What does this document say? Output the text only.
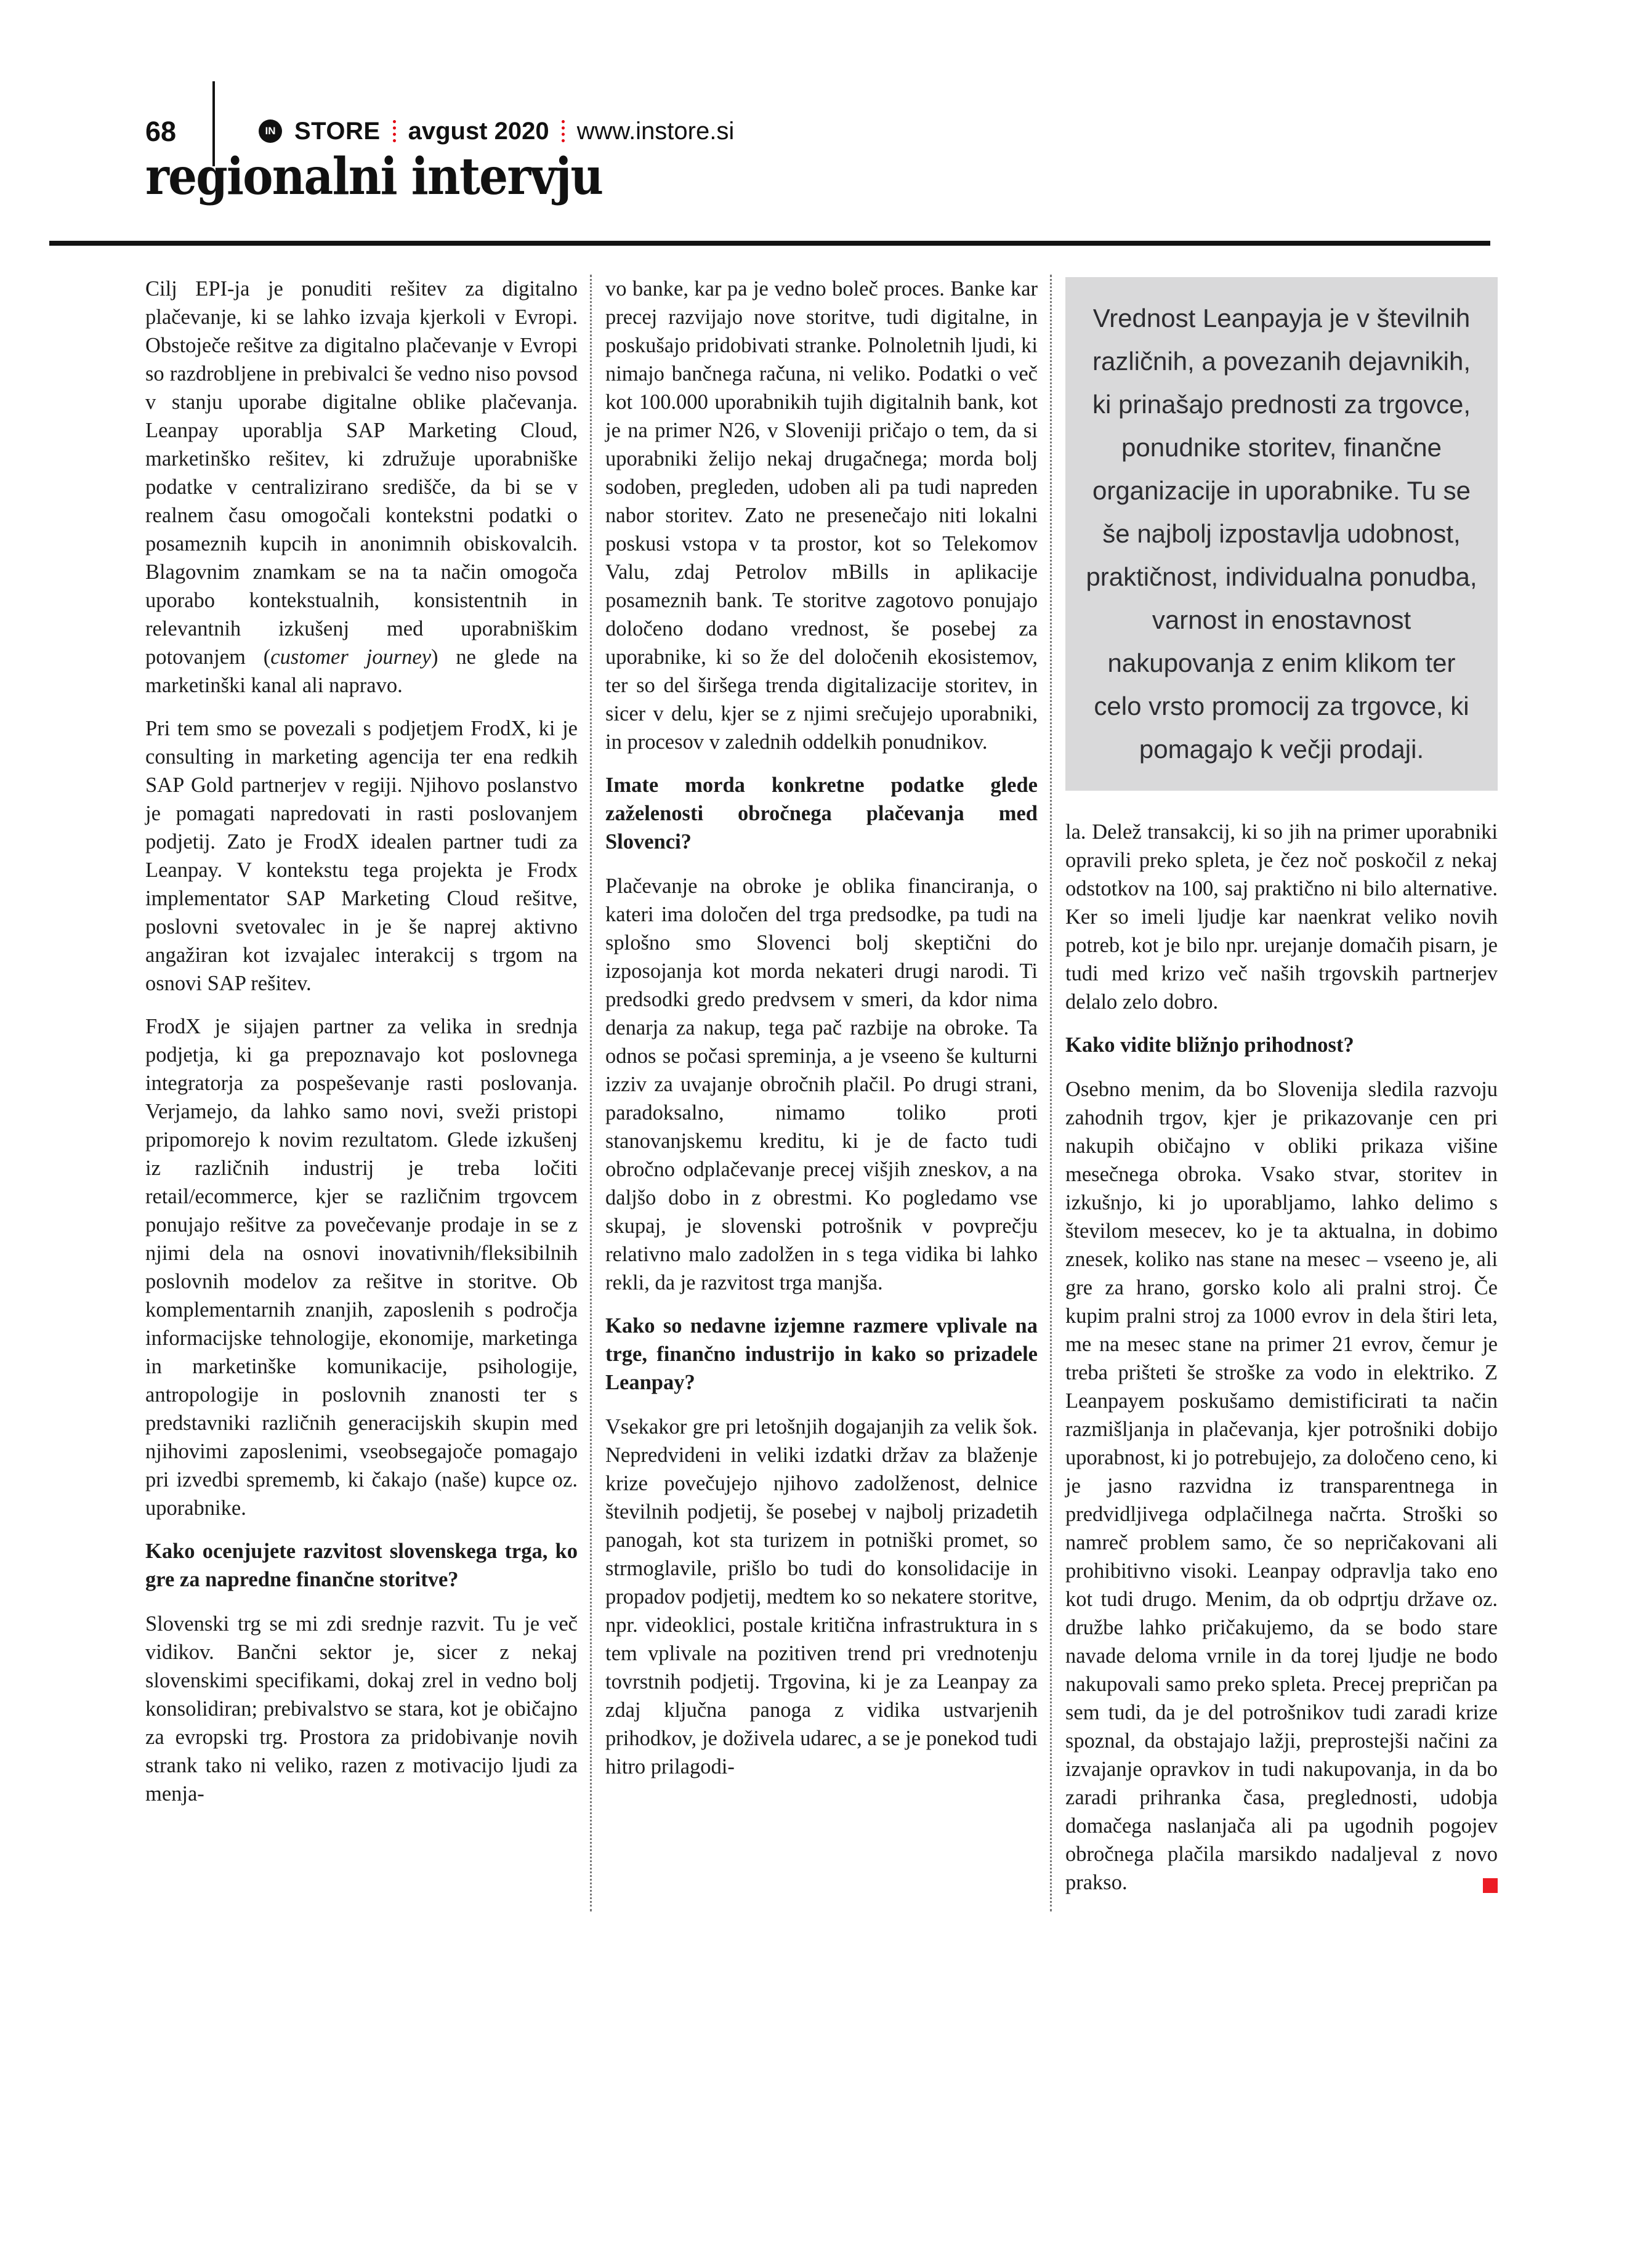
68	IN STORE avgust 2020 www.instore.si
regionalni intervju

Cilj EPI-ja je ponuditi rešitev za digitalno plačevanje, ki se lahko izvaja kjerkoli v Evropi. Obstoječe rešitve za digitalno plačevanje v Evropi so razdrobljene in prebivalci še vedno niso povsod v stanju uporabe digitalne oblike plačevanja. Leanpay uporablja SAP Marketing Cloud, marketinško rešitev, ki združuje uporabniške podatke v centralizirano središče, da bi se v realnem času omogočali kontekstni podatki o posameznih kupcih in anonimnih obiskovalcih. Blagovnim znamkam se na ta način omogoča uporabo kontekstualnih, konsistentnih in relevantnih izkušenj med uporabniškim potovanjem (customer journey) ne glede na marketinški kanal ali napravo.

Pri tem smo se povezali s podjetjem FrodX, ki je consulting in marketing agencija ter ena redkih SAP Gold partnerjev v regiji. Njihovo poslanstvo je pomagati napredovati in rasti poslovanjem podjetij. Zato je FrodX idealen partner tudi za Leanpay. V kontekstu tega projekta je Frodx implementator SAP Marketing Cloud rešitve, poslovni svetovalec in je še naprej aktivno angažiran kot izvajalec interakcij s trgom na osnovi SAP rešitev.

FrodX je sijajen partner za velika in srednja podjetja, ki ga prepoznavajo kot poslovnega integratorja za pospeševanje rasti poslovanja. Verjamejo, da lahko samo novi, sveži pristopi pripomorejo k novim rezultatom. Glede izkušenj iz različnih industrij je treba ločiti retail/ecommerce, kjer se različnim trgovcem ponujajo rešitve za povečevanje prodaje in se z njimi dela na osnovi inovativnih/fleksibilnih poslovnih modelov za rešitve in storitve. Ob komplementarnih znanjih, zaposlenih s področja informacijske tehnologije, ekonomije, marketinga in marketinške komunikacije, psihologije, antropologije in poslovnih znanosti ter s predstavniki različnih generacijskih skupin med njihovimi zaposlenimi, vseobsegajoče pomagajo pri izvedbi sprememb, ki čakajo (naše) kupce oz. uporabnike.

Kako ocenjujete razvitost slovenskega trga, ko gre za napredne finančne storitve?

Slovenski trg se mi zdi srednje razvit. Tu je več vidikov. Bančni sektor je, sicer z nekaj slovenskimi specifikami, dokaj zrel in vedno bolj konsolidiran; prebivalstvo se stara, kot je običajno za evropski trg. Prostora za pridobivanje novih strank tako ni veliko, razen z motivacijo ljudi za menja-

vo banke, kar pa je vedno boleč proces. Banke kar precej razvijajo nove storitve, tudi digitalne, in poskušajo pridobivati stranke. Polnoletnih ljudi, ki nimajo bančnega računa, ni veliko. Podatki o več kot 100.000 uporabnikih tujih digitalnih bank, kot je na primer N26, v Sloveniji pričajo o tem, da si uporabniki želijo nekaj drugačnega; morda bolj sodoben, pregleden, udoben ali pa tudi napreden nabor storitev. Zato ne presenečajo niti lokalni poskusi vstopa v ta prostor, kot so Telekomov Valu, zdaj Petrolov mBills in aplikacije posameznih bank. Te storitve zagotovo ponujajo določeno dodano vrednost, še posebej za uporabnike, ki so že del določenih ekosistemov, ter so del širšega trenda digitalizacije storitev, in sicer v delu, kjer se z njimi srečujejo uporabniki, in procesov v zalednih oddelkih ponudnikov.

Imate morda konkretne podatke glede zaželenosti obročnega plačevanja med Slovenci?

Plačevanje na obroke je oblika financiranja, o kateri ima določen del trga predsodke, pa tudi na splošno smo Slovenci bolj skeptični do izposojanja kot morda nekateri drugi narodi. Ti predsodki gredo predvsem v smeri, da kdor nima denarja za nakup, tega pač razbije na obroke. Ta odnos se počasi spreminja, a je vseeno še kulturni izziv za uvajanje obročnih plačil. Po drugi strani, paradoksalno, nimamo toliko proti stanovanjskemu kreditu, ki je de facto tudi obročno odplačevanje precej višjih zneskov, a na daljšo dobo in z obrestmi. Ko pogledamo vse skupaj, je slovenski potrošnik v povprečju relativno malo zadolžen in s tega vidika bi lahko rekli, da je razvitost trga manjša.

Kako so nedavne izjemne razmere vplivale na trge, finančno industrijo in kako so prizadele Leanpay?

Vsekakor gre pri letošnjih dogajanjih za velik šok. Nepredvideni in veliki izdatki držav za blaženje krize povečujejo njihovo zadolženost, delnice številnih podjetij, še posebej v najbolj prizadetih panogah, kot sta turizem in potniški promet, so strmoglavile, prišlo bo tudi do konsolidacije in propadov podjetij, medtem ko so nekatere storitve, npr. videoklici, postale kritična infrastruktura in s tem vplivale na pozitiven trend pri vrednotenju tovrstnih podjetij. Trgovina, ki je za Leanpay za zdaj ključna panoga z vidika ustvarjenih prihodkov, je doživela udarec, a se je ponekod tudi hitro prilagodi-

Vrednost Leanpayja je v številnih različnih, a povezanih dejavnikih, ki prinašajo prednosti za trgovce, ponudnike storitev, finančne organizacije in uporabnike. Tu se še najbolj izpostavlja udobnost, praktičnost, individualna ponudba, varnost in enostavnost nakupovanja z enim klikom ter celo vrsto promocij za trgovce, ki pomagajo k večji prodaji.

la. Delež transakcij, ki so jih na primer uporabniki opravili preko spleta, je čez noč poskočil z nekaj odstotkov na 100, saj praktično ni bilo alternative. Ker so imeli ljudje kar naenkrat veliko novih potreb, kot je bilo npr. urejanje domačih pisarn, je tudi med krizo več naših trgovskih partnerjev delalo zelo dobro.

Kako vidite bližnjo prihodnost?

Osebno menim, da bo Slovenija sledila razvoju zahodnih trgov, kjer je prikazovanje cen pri nakupih običajno v obliki prikaza višine mesečnega obroka. Vsako stvar, storitev in izkušnjo, ki jo uporabljamo, lahko delimo s številom mesecev, ko je ta aktualna, in dobimo znesek, koliko nas stane na mesec – vseeno je, ali gre za hrano, gorsko kolo ali pralni stroj. Če kupim pralni stroj za 1000 evrov in dela štiri leta, me na mesec stane na primer 21 evrov, čemur je treba prišteti še stroške za vodo in elektriko. Z Leanpayem poskušamo demistificirati ta način razmišljanja in plačevanja, kjer potrošniki dobijo uporabnost, ki jo potrebujejo, za določeno ceno, ki je jasno razvidna iz transparentnega in predvidljivega odplačilnega načrta. Stroški so namreč problem samo, če so nepričakovani ali prohibitivno visoki. Leanpay odpravlja tako eno kot tudi drugo. Menim, da ob odprtju države oz. družbe lahko pričakujemo, da se bodo stare navade deloma vrnile in da torej ljudje ne bodo nakupovali samo preko spleta. Precej prepričan pa sem tudi, da je del potrošnikov tudi zaradi krize spoznal, da obstajajo lažji, preprostejši načini za izvajanje opravkov in tudi nakupovanja, in da bo zaradi prihranka časa, preglednosti, udobja domačega naslanjača ali pa ugodnih pogojev obročnega plačila marsikdo nadaljeval z novo prakso.
